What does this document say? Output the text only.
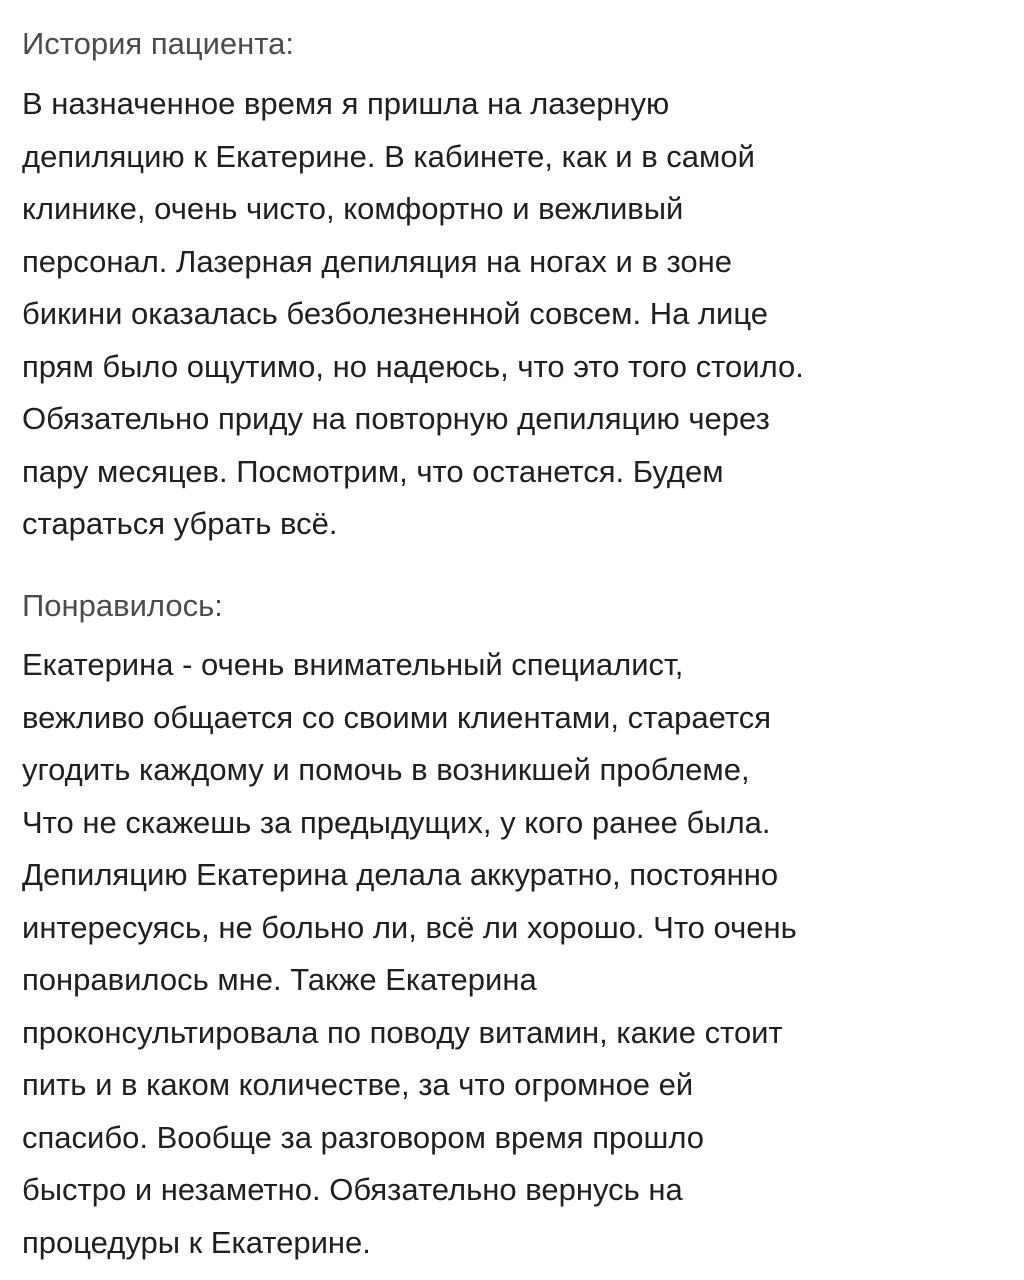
История пациента:

В назначенное время я пришла на лазерную
депиляцию к Екатерине. В кабинете, как и в самой
клинике, очень чисто, комфортно и вежливый
персонал. Лазерная депиляция на ногах и в зоне
бикини оказалась безболезненной совсем. На лице
прям было ощутимо, но надеюсь, что это того стоило.
Обязательно приду на повторную депиляцию через
пару месяцев. Посмотрим, что останется. Будем
стараться убрать всё.

Понравилось:

Екатерина - очень внимательный специалист,
вежливо общается со своими клиентами, старается
угодить каждому и помочь в возникшей проблеме,
Что не скажешь за предыдущих, у кого ранее была.
Депиляцию Екатерина делала аккуратно, постоянно
интересуясь, не больно ли, всё ли хорошо. Что очень
понравилось мне. Также Екатерина
проконсультировала по поводу витамин, какие стоит
пить и в каком количестве, за что огромное ей
спасибо. Вообще за разговором время прошло
быстро и незаметно. Обязательно вернусь на
процедуры к Екатерине.
